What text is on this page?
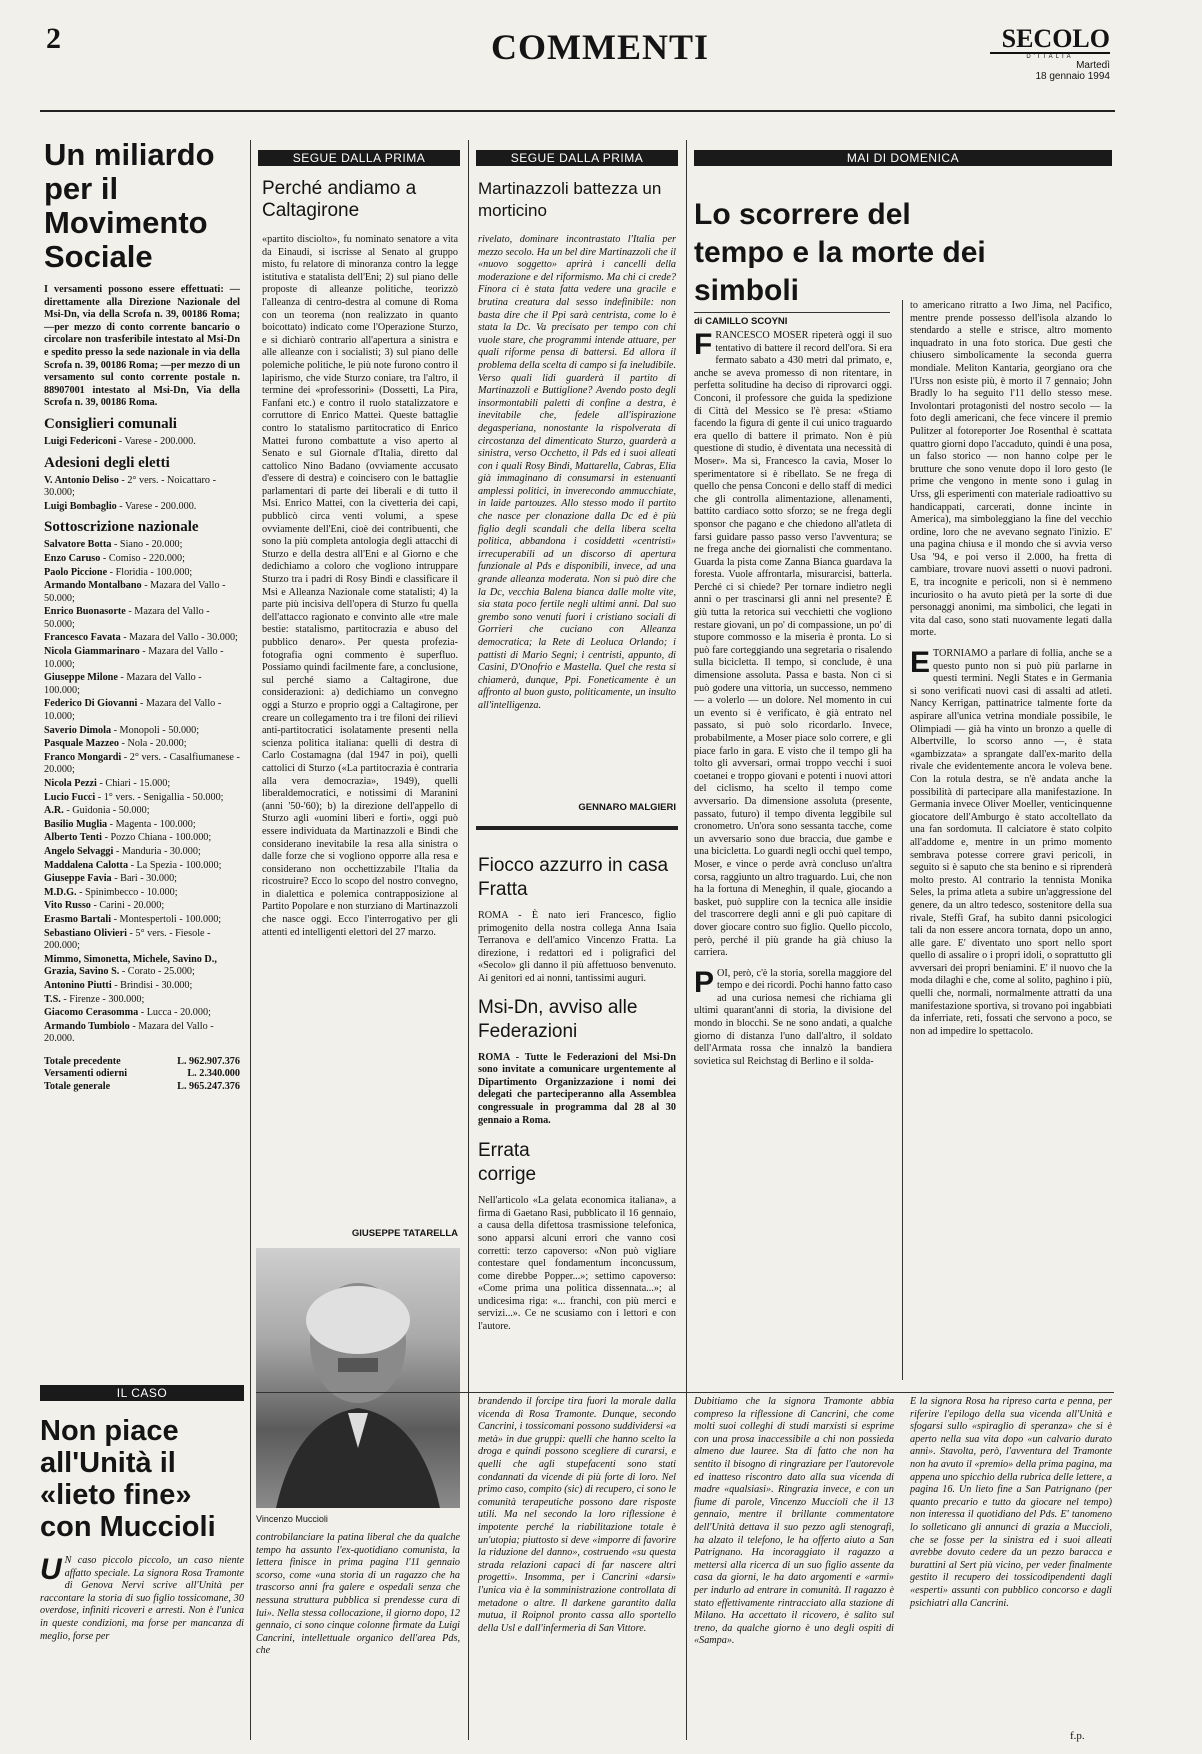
2	COMMENTI	SECOLO
D'ITALIA
Martedì
18 gennaio 1994
Un miliardo per il Movimento Sociale
I versamenti possono essere effettuati: —direttamente alla Direzione Nazionale del Msi-Dn, via della Scrofa n. 39, 00186 Roma; —per mezzo di conto corrente bancario o circolare non trasferibile intestato al Msi-Dn e spedito presso la sede nazionale in via della Scrofa n. 39, 00186 Roma; —per mezzo di un versamento sul conto corrente postale n. 88907001 intestato al Msi-Dn, Via della Scrofa n. 39, 00186 Roma.
Consiglieri comunali
Luigi Federiconi - Varese - 200.000.
Adesioni degli eletti
V. Antonio Deliso - 2° vers. - Noicattaro - 30.000;
Luigi Bombaglio - Varese - 200.000.
Sottoscrizione nazionale
Salvatore Botta - Siano - 20.000;
Enzo Caruso - Comiso - 220.000;
Paolo Piccione - Floridia - 100.000;
Armando Montalbano - Mazara del Vallo - 50.000;
Enrico Buonasorte - Mazara del Vallo - 50.000;
Francesco Favata - Mazara del Vallo - 30.000;
Nicola Giammarinaro - Mazara del Vallo - 10.000;
Giuseppe Milone - Mazara del Vallo - 100.000;
Federico Di Giovanni - Mazara del Vallo - 10.000;
Saverio Dimola - Monopoli - 50.000;
Pasquale Mazzeo - Nola - 20.000;
Franco Mongardi - 2° vers. - Casalfiumanese - 20.000;
Nicola Pezzi - Chiari - 15.000;
Lucio Fucci - 1° vers. - Senigallia - 50.000;
A.R. - Guidonia - 50.000;
Basilio Muglia - Magenta - 100.000;
Alberto Tenti - Pozzo Chiana - 100.000;
Angelo Selvaggi - Manduria - 30.000;
Maddalena Calotta - La Spezia - 100.000;
Giuseppe Favia - Bari - 30.000;
M.D.G. - Spinimbecco - 10.000;
Vito Russo - Carini - 20.000;
Erasmo Bartali - Montespertoli - 100.000;
Sebastiano Olivieri - 5° vers. - Fiesole - 200.000;
Mimmo, Simonetta, Michele, Savino D., Grazia, Savino S. - Corato - 25.000;
Antonino Piutti - Brindisi - 30.000;
T.S. - Firenze - 300.000;
Giacomo Cerasomma - Lucca - 20.000;
Armando Tumbiolo - Mazara del Vallo - 20.000.
Totale precedente	L. 962.907.376
Versamenti odierni	L. 2.340.000
Totale generale	L. 965.247.376
IL CASO
Non piace all'Unità il «lieto fine» con Muccioli
U N caso piccolo piccolo, un caso niente affatto speciale. La signora Rosa Tramonte di Genova Nervi scrive all'Unità per raccontare la storia di suo figlio tossicomane, 30 overdose, infiniti ricoveri e arresti. Non è l'unica in queste condizioni, ma forse per mancanza di meglio, forse per
SEGUE DALLA PRIMA
Perché andiamo a Caltagirone
«partito disciolto», fu nominato senatore a vita da Einaudi, si iscrisse al Senato al gruppo misto, fu relatore di minoranza contro la legge istitutiva e statalista dell'Eni; 2) sul piano delle proposte di alleanze politiche, teorizzò l'alleanza di centro-destra al comune di Roma con un teorema (non realizzato in quanto boicottato) indicato come l'Operazione Sturzo, e si dichiarò contrario all'apertura a sinistra e alle alleanze con i socialisti; 3) sul piano delle polemiche politiche, le più note furono contro il lapirismo, che vide Sturzo coniare, tra l'altro, il termine dei «professorini» (Dossetti, La Pira, Fanfani etc.) e contro il ruolo statalizzatore e corruttore di Enrico Mattei. Queste battaglie contro lo statalismo partitocratico di Enrico Mattei furono combattute a viso aperto al Senato e sul Giornale d'Italia, diretto dal cattolico Nino Badano (ovviamente accusato d'essere di destra) e coincisero con le battaglie parlamentari di parte dei liberali e di tutto il Msi. Enrico Mattei, con la civetteria dei capi, pubblicò circa venti volumi, a spese ovviamente dell'Eni, cioè dei contribuenti, che sono la più completa antologia degli attacchi di Sturzo e della destra all'Eni e al Giorno e che dedichiamo a coloro che vogliono intruppare Sturzo tra i padri di Rosy Bindi e classificare il Msi e Alleanza Nazionale come statalisti; 4) la parte più incisiva dell'opera di Sturzo fu quella dell'attacco ragionato e convinto alle «tre male bestie: statalismo, partitocrazia e abuso del pubblico denaro». Per questa profezia-fotografia ogni commento è superfluo. Possiamo quindi facilmente fare, a conclusione, sul perché siamo a Caltagirone, due considerazioni: a) dedichiamo un convegno oggi a Sturzo e proprio oggi a Caltagirone, per creare un collegamento tra i tre filoni dei rilievi anti-partitocratici isolatamente presenti nella scienza politica italiana: quelli di destra di Carlo Costamagna (dal 1947 in poi), quelli cattolici di Sturzo («La partitocrazia è contraria alla vera democrazia», 1949), quelli liberaldemocratici, e notissimi di Maranini (anni '50-'60); b) la direzione dell'appello di Sturzo agli «uomini liberi e forti», oggi può essere individuata da Martinazzoli e Bindi che considerano inevitabile la resa alla sinistra o dalle forze che si vogliono opporre alla resa e considerano non occhettizzabile l'Italia da ricostruire? Ecco lo scopo del nostro convegno, in dialettica e polemica contrapposizione al Partito Popolare e non sturziano di Martinazzoli che nasce oggi. Ecco l'interrogativo per gli attenti ed intelligenti elettori del 27 marzo.
GIUSEPPE TATARELLA
Vincenzo Muccioli
controbilanciare la patina liberal che da qualche tempo ha assunto l'ex-quotidiano comunista, la lettera finisce in prima pagina l'11 gennaio scorso, come «una storia di un ragazzo che ha trascorso anni fra galere e ospedali senza che nessuna struttura pubblica si prendesse cura di lui». Nella stessa collocazione, il giorno dopo, 12 gennaio, ci sono cinque colonne firmate da Luigi Cancrini, intellettuale organico dell'area Pds, che
SEGUE DALLA PRIMA
Martinazzoli battezza un morticino
rivelato, dominare incontrastato l'Italia per mezzo secolo. Ha un bel dire Martinazzoli che il «nuovo soggetto» aprirà i cancelli della moderazione e del riformismo. Ma chi ci crede? Finora ci è stata fatta vedere una gracile e brutina creatura dal sesso indefinibile: non basta dire che il Ppi sarà centrista, come lo è stata la Dc. Va precisato per tempo con chi vuole stare, che programmi intende attuare, per quali riforme pensa di battersi. Ed allora il problema della scelta di campo si fa ineludibile. Verso quali lidi guarderà il partito di Martinazzoli e Buttiglione? Avendo posto degli insormontabili paletti di confine a destra, è inevitabile che, fedele all'ispirazione degasperiana, nonostante la rispolverata di circostanza del dimenticato Sturzo, guarderà a sinistra, verso Occhetto, il Pds ed i suoi alleati con i quali Rosy Bindi, Mattarella, Cabras, Elia già immaginano di consumarsi in estenuanti amplessi politici, in inverecondo ammucchiate, in laide partouzes. Allo stesso modo il partito che nasce per clonazione dalla Dc ed è più figlio degli scandali che della libera scelta politica, abbandona i cosiddetti «centristi» irrecuperabili ad un discorso di apertura funzionale al Pds e disponibili, invece, ad una grande alleanza moderata. Non si può dire che la Dc, vecchia Balena bianca dalle molte vite, sia stata poco fertile negli ultimi anni. Dal suo grembo sono venuti fuori i cristiano sociali di Gorrieri che cuciano con Alleanza democratica; la Rete di Leoluca Orlando; i pattisti di Mario Segni; i centristi, appunto, di Casini, D'Onofrio e Mastella. Quel che resta si chiamerà, dunque, Ppi. Foneticamente è un affronto al buon gusto, politicamente, un insulto all'intelligenza.
GENNARO MALGIERI
Fiocco azzurro in casa Fratta
ROMA - È nato ieri Francesco, figlio primogenito della nostra collega Anna Isaia Terranova e dell'amico Vincenzo Fratta. La direzione, i redattori ed i poligrafici del «Secolo» gli danno il più affettuoso benvenuto. Ai genitori ed ai nonni, tantissimi auguri.
Msi-Dn, avviso alle Federazioni
ROMA - Tutte le Federazioni del Msi-Dn sono invitate a comunicare urgentemente al Dipartimento Organizzazione i nomi dei delegati che parteciperanno alla Assemblea congressuale in programma dal 28 al 30 gennaio a Roma.
Errata corrige
Nell'articolo «La gelata economica italiana», a firma di Gaetano Rasi, pubblicato il 16 gennaio, a causa della difettosa trasmissione telefonica, sono apparsi alcuni errori che vanno così corretti: terzo capoverso: «Non può vigliare contestare quel fondamentum inconcussum, come direbbe Popper...»; settimo capoverso: «Come prima una politica dissennata...»; al undicesima riga: «... franchi, con più merci e servizi...». Ce ne scusiamo con i lettori e con l'autore.
brandendo il forcipe tira fuori la morale dalla vicenda di Rosa Tramonte. Dunque, secondo Cancrini, i tossicomani possono suddividersi «a metà» in due gruppi: quelli che hanno scelto la droga e quindi possono scegliere di curarsi, e quelli che agli stupefacenti sono stati condannati da vicende di più forte di loro. Nel primo caso, compito (sic) di recupero, ci sono le comunità terapeutiche possono dare risposte utili. Ma nel secondo la loro riflessione è impotente perché la riabilitazione totale è un'utopia; piuttosto si deve «imporre di favorire la riduzione del danno», costruendo «su questa strada relazioni capaci di far nascere altri progetti». Insomma, per i Cancrini «darsi» l'unica via è la somministrazione controllata di metadone o altre. Il darkene garantito dalla mutua, il Roipnol pronto cassa allo sportello della Usl e dall'infermeria di San Vittore.
MAI DI DOMENICA
Lo scorrere del tempo e la morte dei simboli
di CAMILLO SCOYNI
FRANCESCO MOSER ripeterà oggi il suo tentativo di battere il record dell'ora. Si era fermato sabato a 430 metri dal primato, e, anche se aveva promesso di non ritentare, in perfetta solitudine ha deciso di riprovarci oggi. Conconi, il professore che guida la spedizione di Città del Messico se l'è presa: «Stiamo facendo la figura di gente il cui unico traguardo era quello di battere il primato. Non è più questione di studio, è diventata una necessità di Moser». Ma sì, Francesco la cavia, Moser lo sperimentatore si è ribellato. Se ne frega di quello che pensa Conconi e dello staff di medici che gli controlla alimentazione, allenamenti, battito cardiaco sotto sforzo; se ne frega degli sponsor che pagano e che chiedono all'atleta di farsi guidare passo passo verso l'avventura; se ne frega anche dei giornalisti che commentano. Guarda la pista come Zanna Bianca guardava la foresta. Vuole affrontarla, misurarcisi, batterla. Perché ci si chiede? Per tornare indietro negli anni o per trascinarsi gli anni nel presente? È giù tutta la retorica sui vecchietti che vogliono restare giovani, un po' di compassione, un po' di stupore commosso e la miseria è pronta. Lo si può fare corteggiando una segretaria o risalendo sulla bicicletta. Il tempo, si conclude, è una dimensione assoluta. Passa e basta. Non ci si può godere una vittoria, un successo, nemmeno — a volerlo — un dolore. Nel momento in cui un evento si è verificato, è già entrato nel passato, si può solo ricordarlo. Invece, probabilmente, a Moser piace solo correre, e gli piace farlo in gara. E visto che il tempo gli ha tolto gli avversari, ormai troppo vecchi i suoi coetanei e troppo giovani e potenti i nuovi attori del ciclismo, ha scelto il tempo come avversario. Da dimensione assoluta (presente, passato, futuro) il tempo diventa leggibile sul cronometro. Un'ora sono sessanta tacche, come un avversario sono due braccia, due gambe e una bicicletta. Lo guardi negli occhi quel tempo, Moser, e vince o perde avrà concluso un'altra corsa, raggiunto un altro traguardo. Lui, che non ha la fortuna di Meneghin, il quale, giocando a basket, può supplire con la tecnica alle insidie del trascorrere degli anni e gli può capitare di dover giocare contro suo figlio. Quello piccolo, però, perché il più grande ha già chiuso la carriera.
POI, però, c'è la storia, sorella maggiore del tempo e dei ricordi. Pochi hanno fatto caso ad una curiosa nemesi che richiama gli ultimi quarant'anni di storia, la divisione del mondo in blocchi. Se ne sono andati, a qualche giorno di distanza l'uno dall'altro, il soldato dell'Armata rossa che innalzò la bandiera sovietica sul Reichstag di Berlino e il solda-
to americano ritratto a Iwo Jima, nel Pacifico, mentre prende possesso dell'isola alzando lo stendardo a stelle e strisce, altro momento inquadrato in una foto storica. Due gesti che chiusero simbolicamente la seconda guerra mondiale. Meliton Kantaria, georgiano ora che l'Urss non esiste più, è morto il 7 gennaio; John Bradly lo ha seguito l'11 dello stesso mese. Involontari protagonisti del nostro secolo — la foto degli americani, che fece vincere il premio Pulitzer al fotoreporter Joe Rosenthal è scattata quattro giorni dopo l'accaduto, quindi è una posa, un falso storico — non hanno colpe per le brutture che sono venute dopo il loro gesto (le prime che vengono in mente sono i gulag in Urss, gli esperimenti con materiale radioattivo su handicappati, carcerati, donne incinte in America), ma simboleggiano la fine del vecchio ordine, loro che ne avevano segnato l'inizio. E' una pagina chiusa e il mondo che si avvia verso Usa '94, e poi verso il 2.000, ha fretta di cambiare, trovare nuovi assetti o nuovi padroni. E, tra incognite e pericoli, non si è nemmeno incuriosito o ha avuto pietà per la sorte di due personaggi anonimi, ma simbolici, che legati in vita dal caso, sono stati nuovamente legati dalla morte.
ETORNIAMO a parlare di follia, anche se a questo punto non si può più parlarne in questi termini. Negli States e in Germania si sono verificati nuovi casi di assalti ad atleti. Nancy Kerrigan, pattinatrice talmente forte da aspirare all'unica vetrina mondiale possibile, le Olimpiadi — già ha vinto un bronzo a quelle di Albertville, lo scorso anno —, è stata «gambizzata» a sprangate dall'ex-marito della rivale che evidentemente ancora le voleva bene. Con la rotula destra, se n'è andata anche la possibilità di partecipare alla manifestazione. In Germania invece Oliver Moeller, venticinquenne giocatore dell'Amburgo è stato accoltellato da una fan sordomuta. Il calciatore è stato colpito all'addome e, mentre in un primo momento sembrava potesse correre gravi pericoli, in seguito si è saputo che sta benino e si riprenderà molto presto. Al contrario la tennista Monika Seles, la prima atleta a subire un'aggressione del genere, da un altro tedesco, sostenitore della sua rivale, Steffi Graf, ha subito danni psicologici tali da non essere ancora tornata, dopo un anno, alle gare. E' diventato uno sport nello sport quello di assalire o i propri idoli, o soprattutto gli avversari dei propri beniamini. E' il nuovo che la moda dilaghi e che, come al solito, paghino i più, quelli che, normali, normalmente attratti da una manifestazione sportiva, si trovano poi ingabbiati da inferriate, reti, fossati che servono a poco, se non ad impedire lo spettacolo.
Dubitiamo che la signora Tramonte abbia compreso la riflessione di Cancrini, che come molti suoi colleghi di studi marxisti si esprime con una prosa inaccessibile a chi non possieda almeno due lauree. Sta di fatto che non ha sentito il bisogno di ringraziare per l'autorevole ed inatteso riscontro dato alla sua vicenda di madre «qualsiasi». Ringrazia invece, e con un fiume di parole, Vincenzo Muccioli che il 13 gennaio, mentre il brillante commentatore dell'Unità dettava il suo pezzo agli stenografi, ha alzato il telefono, le ha offerto aiuto a San Patrignano. Ha incoraggiato il ragazzo a mettersi alla ricerca di un suo figlio assente da casa da giorni, le ha dato argomenti e «armi» per indurlo ad entrare in comunità. Il ragazzo è stato effettivamente rintracciato alla stazione di Milano. Ha accettato il ricovero, è salito sul treno, da qualche giorno è uno degli ospiti di «Sampa».
E la signora Rosa ha ripreso carta e penna, per riferire l'epilogo della sua vicenda all'Unità e sfogarsi sullo «spiraglio di speranza» che si è aperto nella sua vita dopo «un calvario durato anni». Stavolta, però, l'avventura del Tramonte non ha avuto il «premio» della prima pagina, ma appena uno spicchio della rubrica delle lettere, a pagina 16. Un lieto fine a San Patrignano (per quanto precario e tutto da giocare nel tempo) non interessa il quotidiano del Pds. E' tanomeno lo solleticano gli annunci di grazia a Muccioli, che se fosse per la sinistra ed i suoi alleati avrebbe dovuto cedere da un pezzo baracca e burattini al Sert più vicino, per veder finalmente gestito il recupero dei tossicodipendenti dagli «esperti» assunti con pubblico concorso e dagli psichiatri alla Cancrini.
f.p.
